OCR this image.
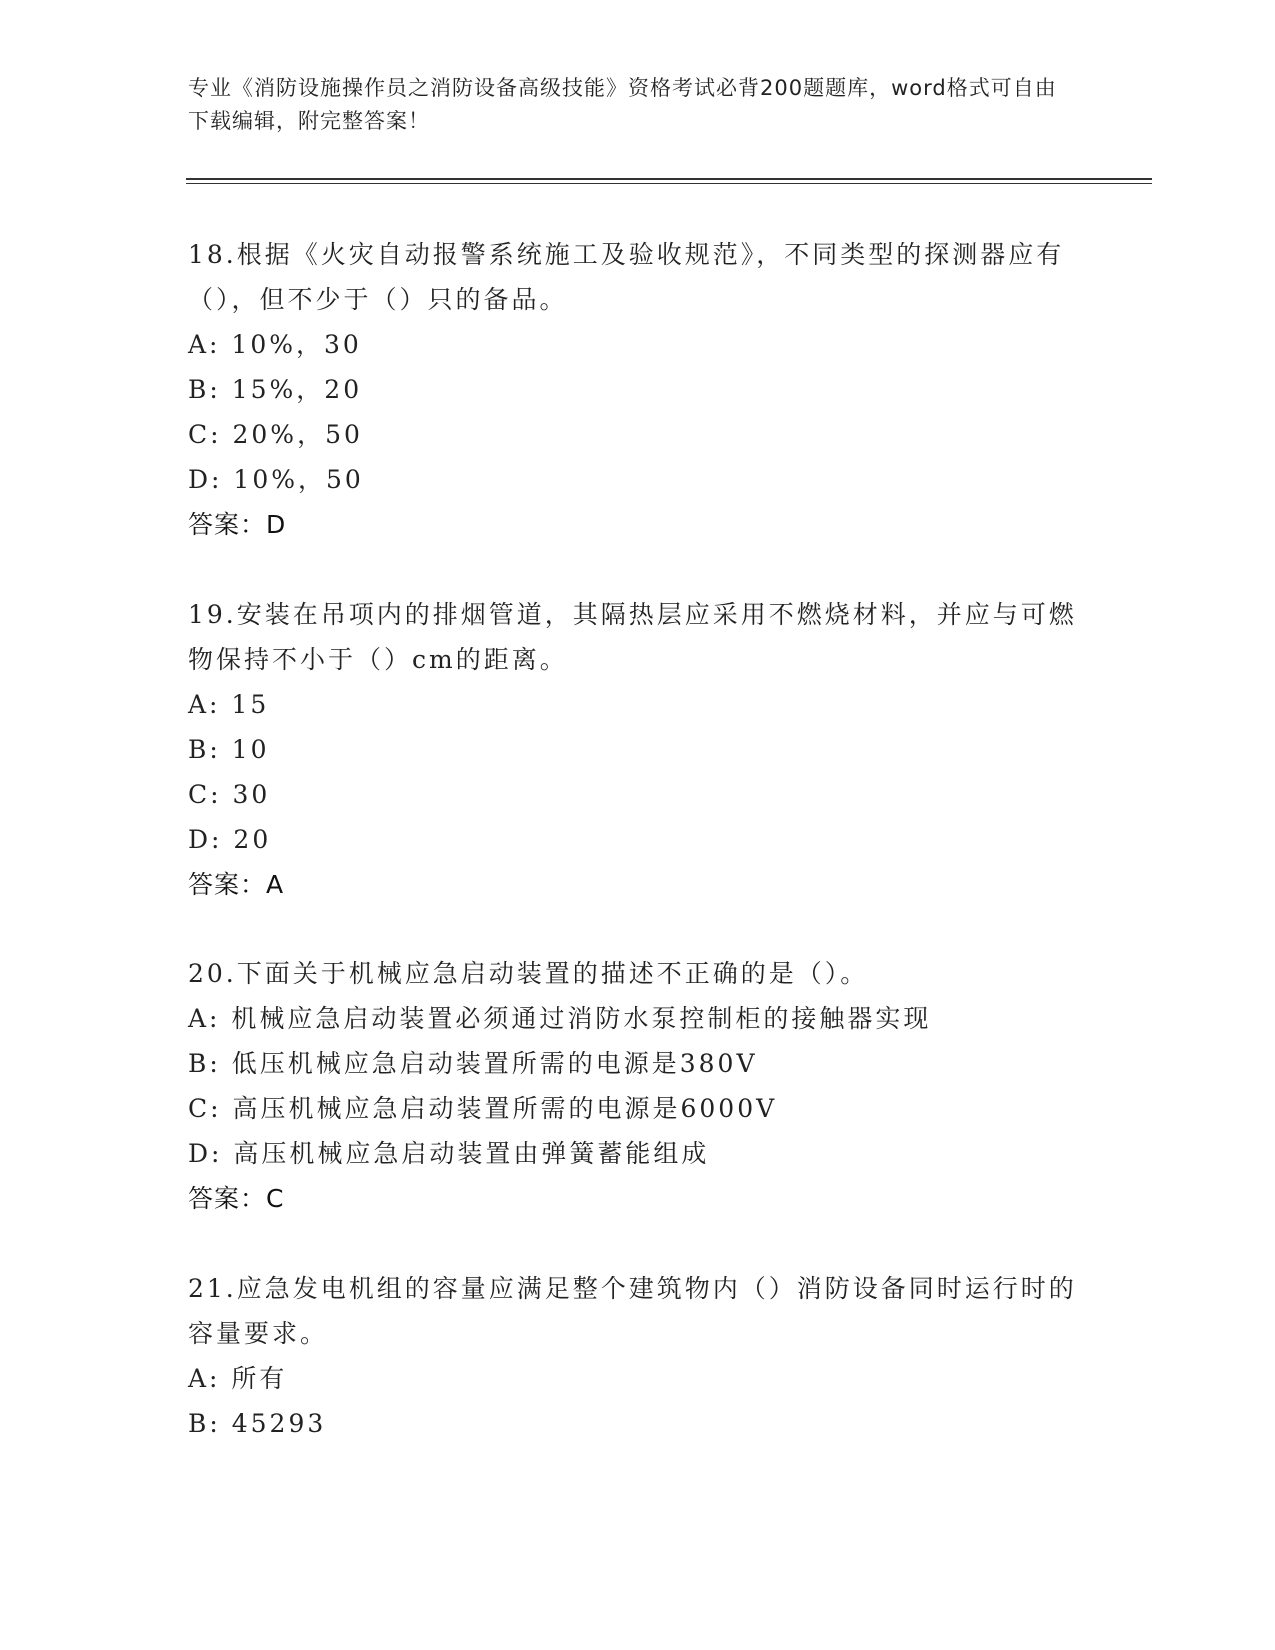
专业《消防设施操作员之消防设备高级技能》资格考试必背200题题库，word格式可自由下载编辑，附完整答案！
18.根据《火灾自动报警系统施工及验收规范》，不同类型的探测器应有（），但不少于（）只的备品。
A: 10%，30
B: 15%，20
C: 20%，50
D: 10%，50
答案：D
19.安装在吊项内的排烟管道，其隔热层应采用不燃烧材料，并应与可燃物保持不小于（）cm的距离。
A: 15
B: 10
C: 30
D: 20
答案：A
20.下面关于机械应急启动装置的描述不正确的是（）。
A: 机械应急启动装置必须通过消防水泵控制柜的接触器实现
B: 低压机械应急启动装置所需的电源是380V
C: 高压机械应急启动装置所需的电源是6000V
D: 高压机械应急启动装置由弹簧蓄能组成
答案：C
21.应急发电机组的容量应满足整个建筑物内（）消防设备同时运行时的容量要求。
A: 所有
B: 45293
